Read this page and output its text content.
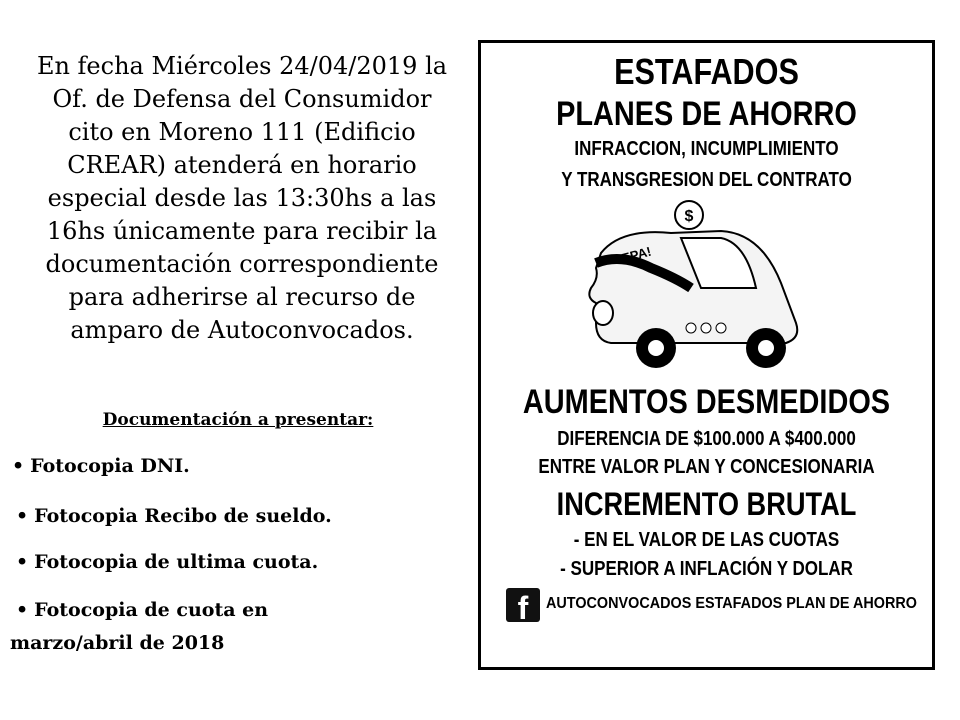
En fecha Miércoles 24/04/2019 la
Of. de Defensa del Consumidor
cito en Moreno 111 (Edificio
CREAR) atenderá en horario
especial desde las 13:30hs a las
16hs únicamente para recibir la
documentación correspondiente
para adherirse al recurso de
amparo de Autoconvocados.
Documentación a presentar:
• Fotocopia DNI.
• Fotocopia Recibo de sueldo.
• Fotocopia de ultima cuota.
• Fotocopia de cuota en
marzo/abril de 2018
ESTAFADOS
PLANES DE AHORRO
INFRACCION, INCUMPLIMIENTO
Y TRANSGRESION DEL CONTRATO
$
EPA!
AUMENTOS DESMEDIDOS
DIFERENCIA DE $100.000 A $400.000
ENTRE VALOR PLAN Y CONCESIONARIA
INCREMENTO BRUTAL
- EN EL VALOR DE LAS CUOTAS
- SUPERIOR A INFLACIÓN Y DOLAR
f	AUTOCONVOCADOS ESTAFADOS PLAN DE AHORRO
